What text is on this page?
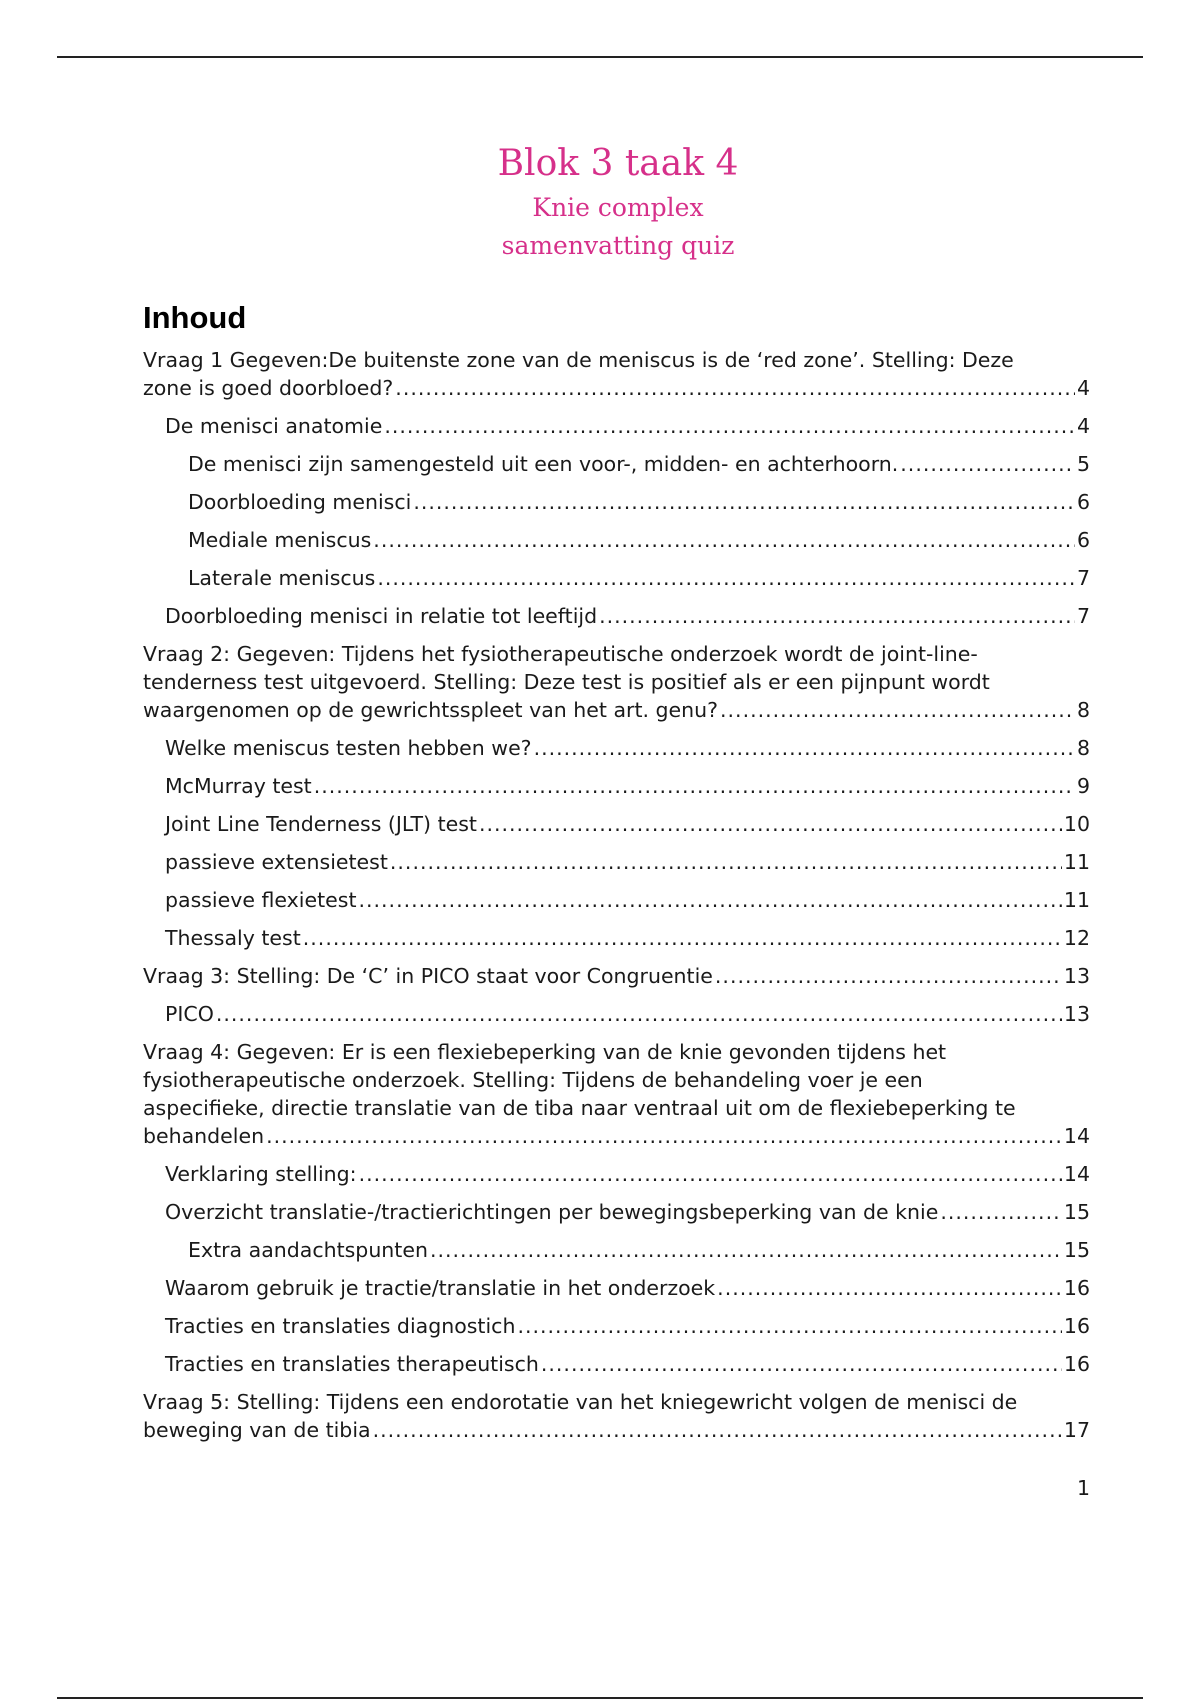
Blok 3 taak 4
Knie complex
samenvatting quiz
Inhoud
Vraag 1 Gegeven:De buitenste zone van de meniscus is de ‘red zone’. Stelling: Deze
zone is goed doorbloed? .....	4
De menisci anatomie .....	4
De menisci zijn samengesteld uit een voor-, midden- en achterhoorn. .....	5
Doorbloeding menisci .....	6
Mediale meniscus .....	6
Laterale meniscus .....	7
Doorbloeding menisci in relatie tot leeftijd .....	7
Vraag 2: Gegeven: Tijdens het fysiotherapeutische onderzoek wordt de joint-line-
tenderness test uitgevoerd. Stelling: Deze test is positief als er een pijnpunt wordt
waargenomen op de gewrichtsspleet van het art. genu? .....	8
Welke meniscus testen hebben we? .....	8
McMurray test .....	9
Joint Line Tenderness (JLT) test .....	10
passieve extensietest .....	11
passieve flexietest .....	11
Thessaly test .....	12
Vraag 3: Stelling: De ‘C’ in PICO staat voor Congruentie .....	13
PICO .....	13
Vraag 4: Gegeven: Er is een flexiebeperking van de knie gevonden tijdens het
fysiotherapeutische onderzoek. Stelling: Tijdens de behandeling voer je een
aspecifieke, directie translatie van de tiba naar ventraal uit om de flexiebeperking te
behandelen .....	14
Verklaring stelling: .....	14
Overzicht translatie-/tractierichtingen per bewegingsbeperking van de knie .....	15
Extra aandachtspunten .....	15
Waarom gebruik je tractie/translatie in het onderzoek .....	16
Tracties en translaties diagnostich .....	16
Tracties en translaties therapeutisch .....	16
Vraag 5: Stelling: Tijdens een endorotatie van het kniegewricht volgen de menisci de
beweging van de tibia .....	17
1
